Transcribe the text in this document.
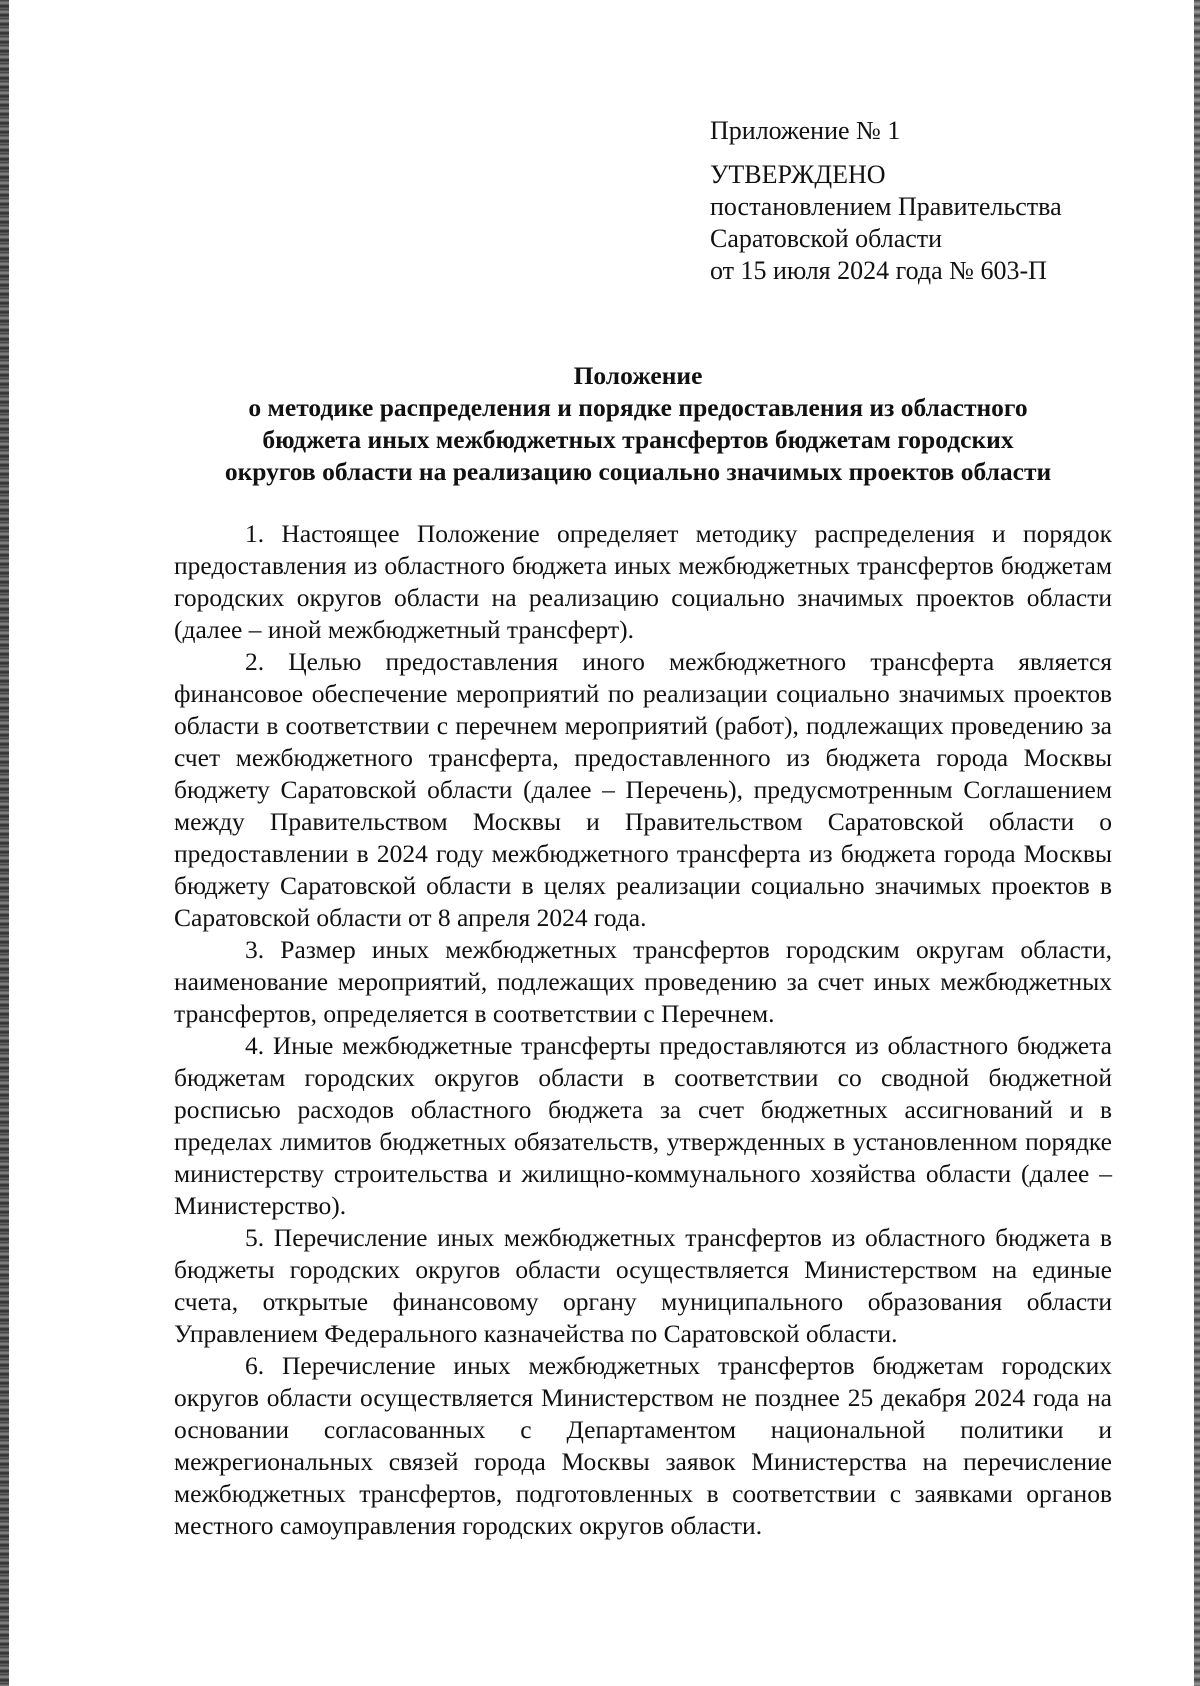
Приложение № 1

УТВЕРЖДЕНО

постановлением Правительства

Саратовской области

от 15 июля 2024 года № 603-П

Положение
о методике распределения и порядке предоставления из областного
бюджета иных межбюджетных трансфертов бюджетам городских
округов области на реализацию социально значимых проектов области

1. Настоящее Положение определяет методику распределения и порядок предоставления из областного бюджета иных межбюджетных трансфертов бюджетам городских округов области на реализацию социально значимых проектов области (далее – иной межбюджетный трансферт).

2. Целью предоставления иного межбюджетного трансферта является финансовое обеспечение мероприятий по реализации социально значимых проектов области в соответствии с перечнем мероприятий (работ), подлежащих проведению за счет межбюджетного трансферта, предоставленного из бюджета города Москвы бюджету Саратовской области (далее – Перечень), предусмотренным Соглашением между Правительством Москвы и Правительством Саратовской области о предоставлении в 2024 году межбюджетного трансферта из бюджета города Москвы бюджету Саратовской области в целях реализации социально значимых проектов в Саратовской области от 8 апреля 2024 года.

3. Размер иных межбюджетных трансфертов городским округам области, наименование мероприятий, подлежащих проведению за счет иных межбюджетных трансфертов, определяется в соответствии с Перечнем.

4. Иные межбюджетные трансферты предоставляются из областного бюджета бюджетам городских округов области в соответствии со сводной бюджетной росписью расходов областного бюджета за счет бюджетных ассигнований и в пределах лимитов бюджетных обязательств, утвержденных в установленном порядке министерству строительства и жилищно-коммунального хозяйства области (далее – Министерство).

5. Перечисление иных межбюджетных трансфертов из областного бюджета в бюджеты городских округов области осуществляется Министерством на единые счета, открытые финансовому органу муниципального образования области Управлением Федерального казначейства по Саратовской области.

6. Перечисление иных межбюджетных трансфертов бюджетам городских округов области осуществляется Министерством не позднее 25 декабря 2024 года на основании согласованных с Департаментом национальной политики и межрегиональных связей города Москвы заявок Министерства на перечисление межбюджетных трансфертов, подготовленных в соответствии с заявками органов местного самоуправления городских округов области.
